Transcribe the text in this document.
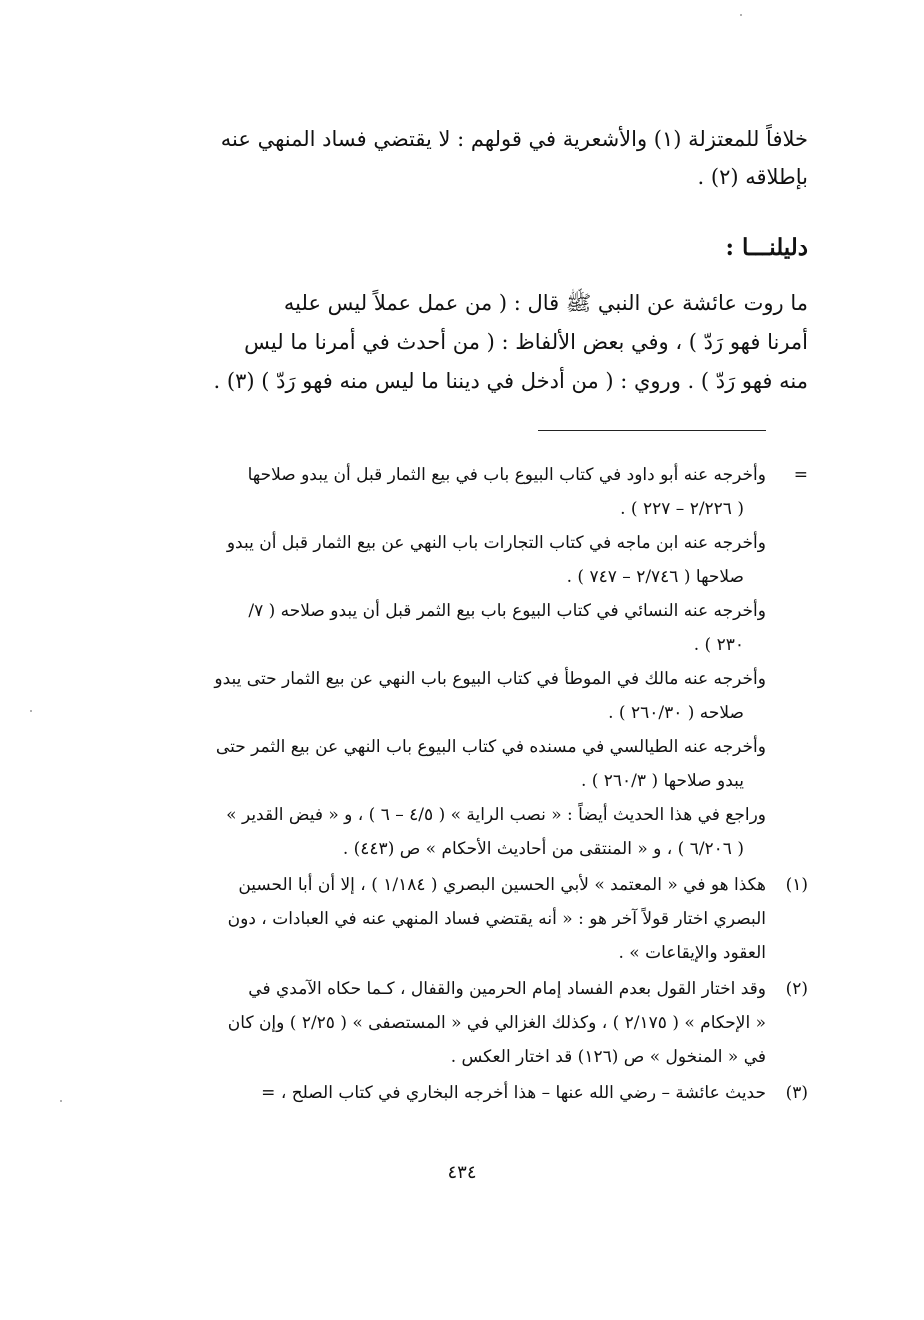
خلافاً للمعتزلة (١) والأشعرية في قولهم : لا يقتضي فساد المنهي عنه
بإطلاقه (٢) .
دليلنـــا :
ما روت عائشة عن النبي ﷺ قال : ( من عمل عملاً ليس عليه
أمرنا فهو رَدّ ) ، وفي بعض الألفاظ : ( من أحدث في أمرنا ما ليس
منه فهو رَدّ ) . وروي : ( من أدخل في ديننا ما ليس منه فهو رَدّ ) (٣) .
=
وأخرجه عنه أبو داود في كتاب البيوع باب في بيع الثمار قبل أن يبدو صلاحها
( ٢/٢٢٦ – ٢٢٧ ) .
وأخرجه عنه ابن ماجه في كتاب التجارات باب النهي عن بيع الثمار قبل أن يبدو
صلاحها ( ٢/٧٤٦ – ٧٤٧ ) .
وأخرجه عنه النسائي في كتاب البيوع باب بيع الثمر قبل أن يبدو صلاحه ( ٧/
٢٣٠ ) .
وأخرجه عنه مالك في الموطأ في كتاب البيوع باب النهي عن بيع الثمار حتى يبدو
صلاحه ( ٢٦٠/٣٠ ) .
وأخرجه عنه الطيالسي في مسنده في كتاب البيوع باب النهي عن بيع الثمر حتى
يبدو صلاحها ( ٢٦٠/٣ ) .
وراجع في هذا الحديث أيضاً : « نصب الراية » ( ٤/٥ – ٦ ) ، و « فيض القدير »
( ٦/٢٠٦ ) ، و « المنتقى من أحاديث الأحكام » ص (٤٤٣) .
(١)
هكذا هو في « المعتمد » لأبي الحسين البصري ( ١/١٨٤ ) ، إلا أن أبا الحسين
البصري اختار قولاً آخر هو : « أنه يقتضي فساد المنهي عنه في العبادات ، دون
العقود والإيقاعات » .
(٢)
وقد اختار القول بعدم الفساد إمام الحرمين والقفال ، كـما حكاه الآمدي في
« الإحكام » ( ٢/١٧٥ ) ، وكذلك الغزالي في « المستصفى » ( ٢/٢٥ ) وإن كان
في « المنخول » ص (١٢٦) قد اختار العكس .
(٣)
حديث عائشة – رضي الله عنها – هذا أخرجه البخاري في كتاب الصلح ، =
٤٣٤
